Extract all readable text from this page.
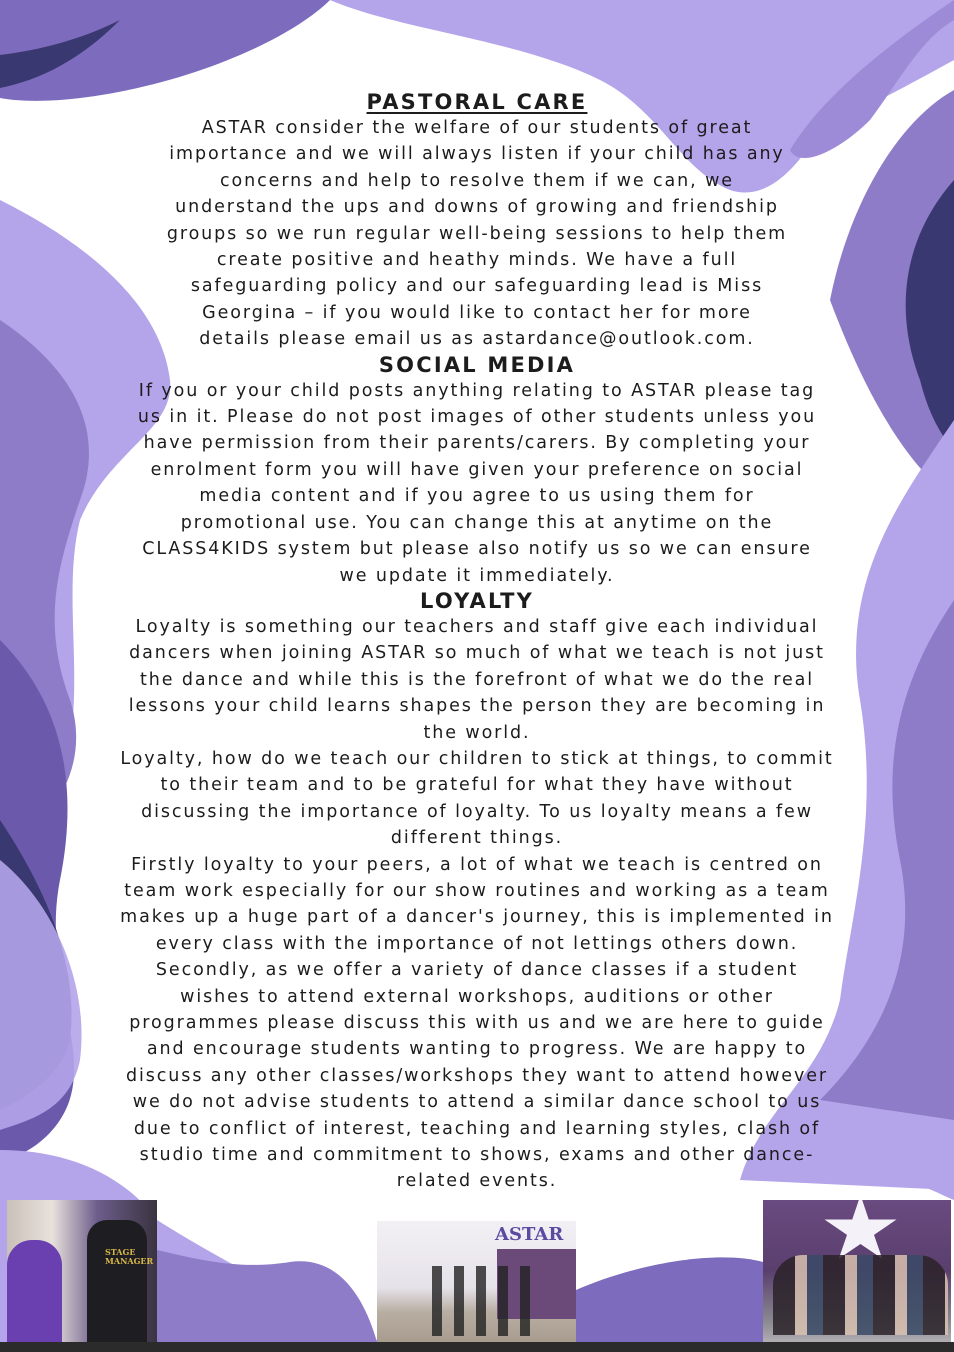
PASTORAL CARE
ASTAR consider the welfare of our students of great
importance and we will always listen if your child has any
concerns and help to resolve them if we can, we
understand the ups and downs of growing and friendship
groups so we run regular well-being sessions to help them
create positive and heathy minds. We have a full
safeguarding policy and our safeguarding lead is Miss
Georgina – if you would like to contact her for more
details please email us as astardance@outlook.com.
SOCIAL MEDIA
If you or your child posts anything relating to ASTAR please tag
us in it. Please do not post images of other students unless you
have permission from their parents/carers. By completing your
enrolment form you will have given your preference on social
media content and if you agree to us using them for
promotional use. You can change this at anytime on the
CLASS4KIDS system but please also notify us so we can ensure
we update it immediately.
LOYALTY
Loyalty is something our teachers and staff give each individual
dancers when joining ASTAR so much of what we teach is not just
the dance and while this is the forefront of what we do the real
lessons your child learns shapes the person they are becoming in
the world.
Loyalty, how do we teach our children to stick at things, to commit
to their team and to be grateful for what they have without
discussing the importance of loyalty. To us loyalty means a few
different things.
Firstly loyalty to your peers, a lot of what we teach is centred on
team work especially for our show routines and working as a team
makes up a huge part of a dancer's journey, this is implemented in
every class with the importance of not lettings others down.
Secondly, as we offer a variety of dance classes if a student
wishes to attend external workshops, auditions or other
programmes please discuss this with us and we are here to guide
and encourage students wanting to progress. We are happy to
discuss any other classes/workshops they want to attend however
we do not advise students to attend a similar dance school to us
due to conflict of interest, teaching and learning styles, clash of
studio time and commitment to shows, exams and other dance-
related events.
STAGE MANAGER
ASTAR
